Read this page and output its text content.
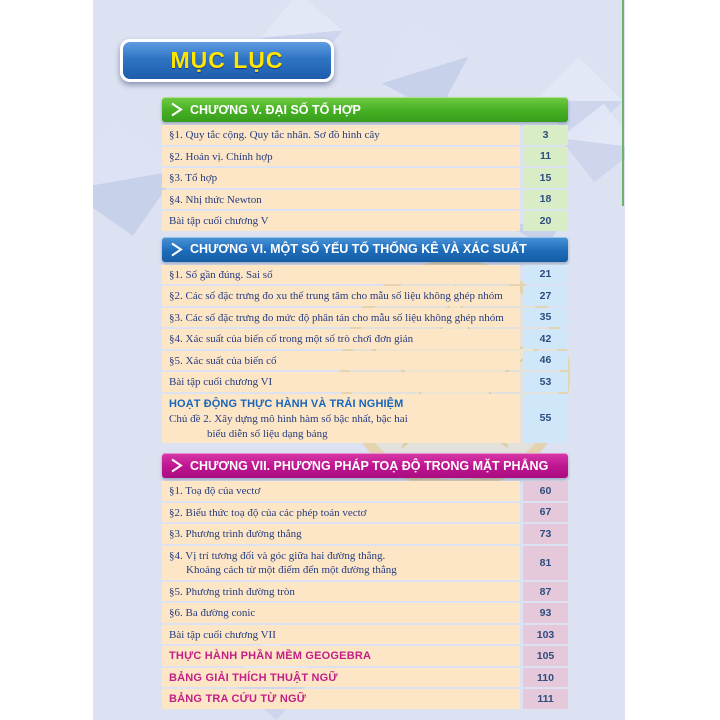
MỤC LỤC
CHƯƠNG V. ĐẠI SỐ TỔ HỢP
§1. Quy tắc cộng. Quy tắc nhân. Sơ đồ hình cây	3
§2. Hoán vị. Chỉnh hợp	11
§3. Tổ hợp	15
§4. Nhị thức Newton	18
Bài tập cuối chương V	20
CHƯƠNG VI. MỘT SỐ YẾU TỐ THỐNG KÊ VÀ XÁC SUẤT
§1. Số gần đúng. Sai số	21
§2. Các số đặc trưng đo xu thế trung tâm cho mẫu số liệu không ghép nhóm	27
§3. Các số đặc trưng đo mức độ phân tán cho mẫu số liệu không ghép nhóm	35
§4. Xác suất của biến cố trong một số trò chơi đơn giản	42
§5. Xác suất của biến cố	46
Bài tập cuối chương VI	53
HOẠT ĐỘNG THỰC HÀNH VÀ TRẢI NGHIỆM
Chủ đề 2. Xây dựng mô hình hàm số bậc nhất, bậc hai
biểu diễn số liệu dạng bảng
55
CHƯƠNG VII. PHƯƠNG PHÁP TOẠ ĐỘ TRONG MẶT PHẲNG
§1. Toạ độ của vectơ	60
§2. Biểu thức toạ độ của các phép toán vectơ	67
§3. Phương trình đường thẳng	73
§4. Vị trí tương đối và góc giữa hai đường thẳng.
Khoảng cách từ một điểm đến một đường thẳng
81
§5. Phương trình đường tròn	87
§6. Ba đường conic	93
Bài tập cuối chương VII	103
THỰC HÀNH PHẦN MỀM GEOGEBRA	105
BẢNG GIẢI THÍCH THUẬT NGỮ	110
BẢNG TRA CỨU TỪ NGỮ	111
